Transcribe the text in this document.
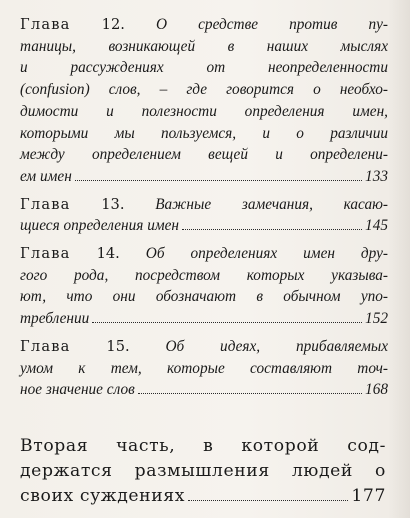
Глава 12. О средстве против пу-
таницы, возникающей в наших мыслях
и рассуждениях от неопределенности
(confusion) слов, – где говорится о необхо-
димости и полезности определения имен,
которыми мы пользуемся, и о различии
между определением вещей и определени-
ем имен	133
Глава 13. Важные замечания, касаю-
щиеся определения имен	145
Глава 14. Об определениях имен дру-
гого рода, посредством которых указыва-
ют, что они обозначают в обычном упо-
треблении	152
Глава 15. Об идеях, прибавляемых
умом к тем, которые составляют точ-
ное значение слов	168
Вторая часть, в которой сод-
держатся размышления людей о
своих суждениях	177
